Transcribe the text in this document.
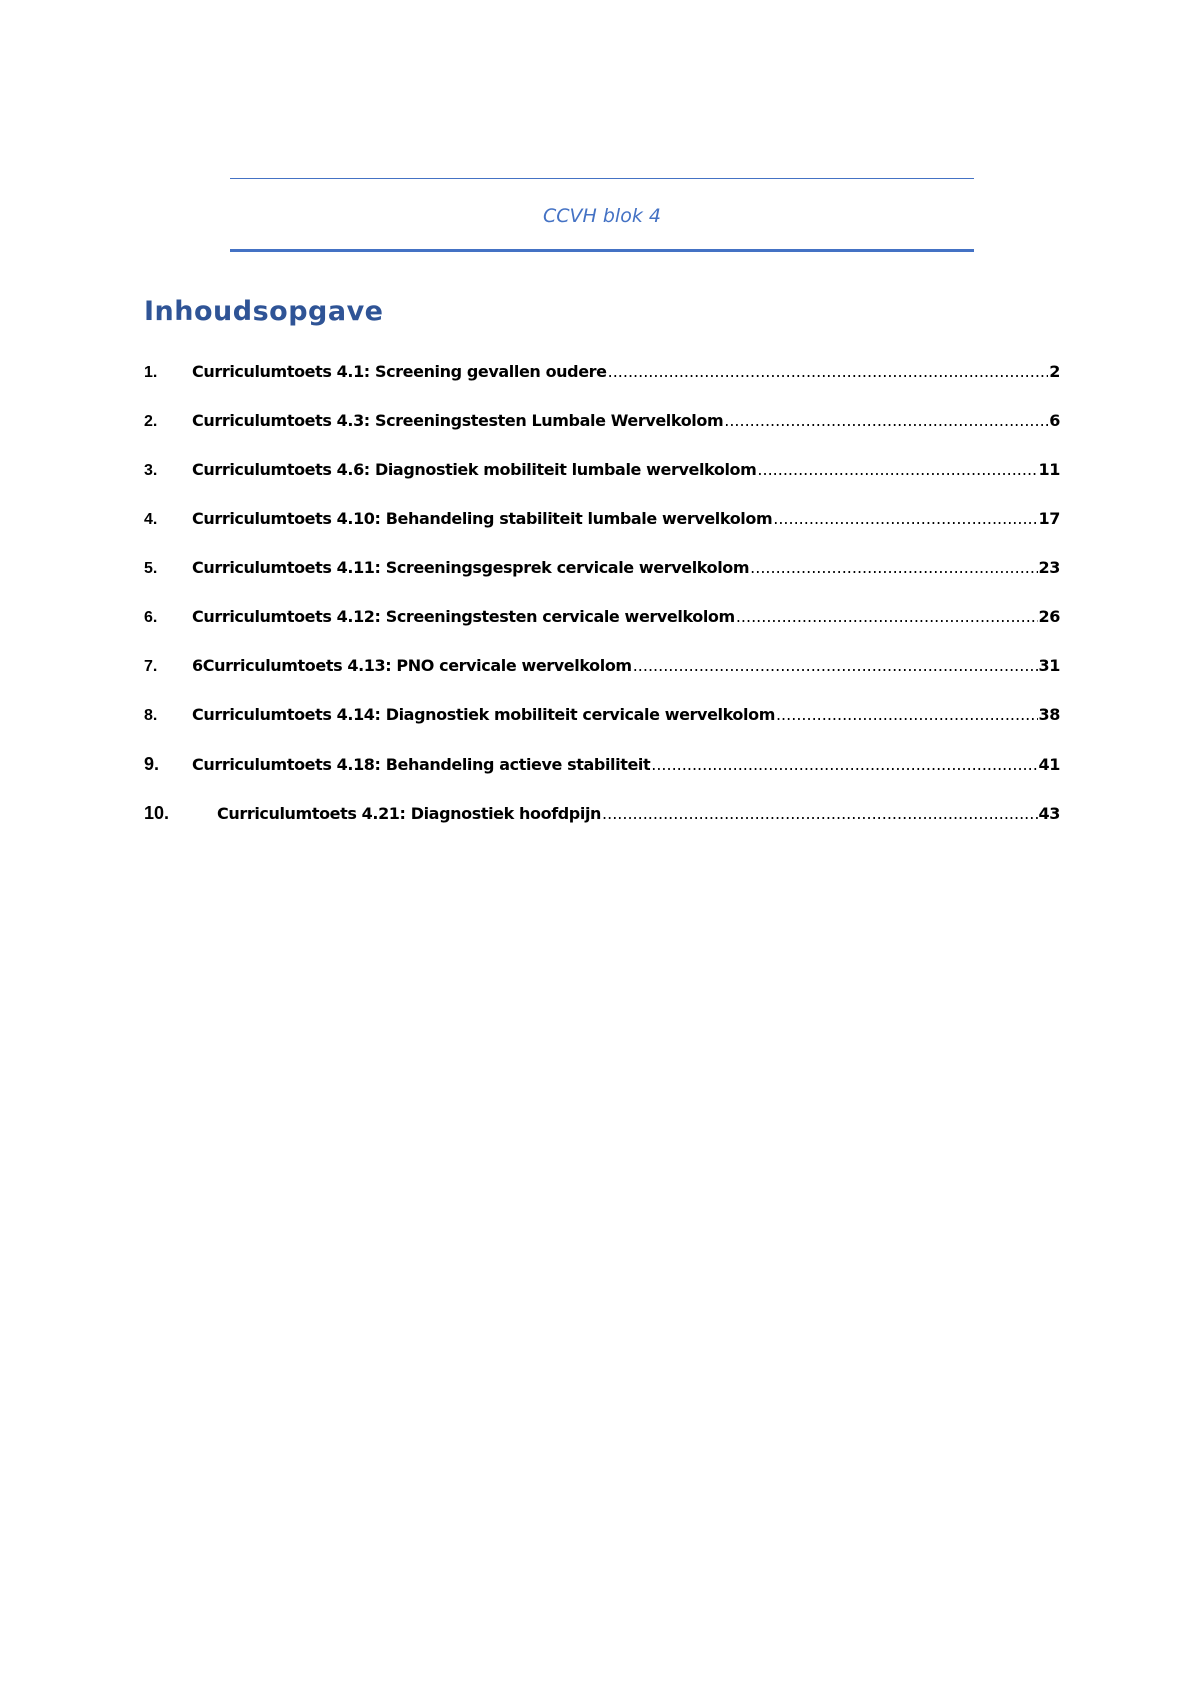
CCVH blok 4
Inhoudsopgave
1.	Curriculumtoets 4.1: Screening gevallen oudere .....	2
2.	Curriculumtoets 4.3: Screeningstesten Lumbale Wervelkolom .....	6
3.	Curriculumtoets 4.6: Diagnostiek mobiliteit lumbale wervelkolom .....	11
4.	Curriculumtoets 4.10: Behandeling stabiliteit lumbale wervelkolom .....	17
5.	Curriculumtoets 4.11: Screeningsgesprek cervicale wervelkolom .....	23
6.	Curriculumtoets 4.12: Screeningstesten cervicale wervelkolom .....	26
7.	6Curriculumtoets 4.13: PNO cervicale wervelkolom .....	31
8.	Curriculumtoets 4.14: Diagnostiek mobiliteit cervicale wervelkolom .....	38
9.	Curriculumtoets 4.18: Behandeling actieve stabiliteit .....	41
10.	Curriculumtoets 4.21: Diagnostiek hoofdpijn .....	43
